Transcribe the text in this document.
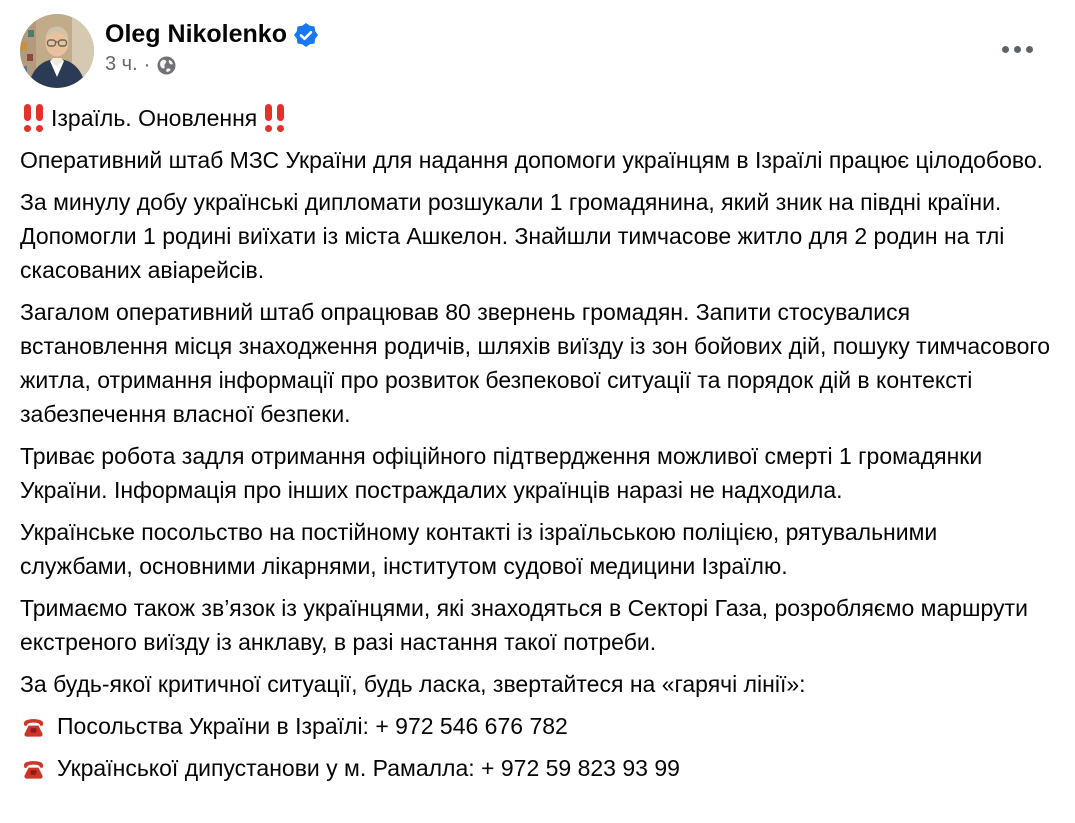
Oleg Nikolenko
3 ч. ·

Ізраїль. Оновлення

Оперативний штаб МЗС України для надання допомоги українцям в Ізраїлі працює цілодобово.

За минулу добу українські дипломати розшукали 1 громадянина, який зник на півдні країни. Допомогли 1 родині виїхати із міста Ашкелон. Знайшли тимчасове житло для 2 родин на тлі скасованих авіарейсів.

Загалом оперативний штаб опрацював 80 звернень громадян. Запити стосувалися встановлення місця знаходження родичів, шляхів виїзду із зон бойових дій, пошуку тимчасового житла, отримання інформації про розвиток безпекової ситуації та порядок дій в контексті забезпечення власної безпеки.

Триває робота задля отримання офіційного підтвердження можливої смерті 1 громадянки України. Інформація про інших постраждалих українців наразі не надходила.

Українське посольство на постійному контакті із ізраїльською поліцією, рятувальними службами, основними лікарнями, інститутом судової медицини Ізраїлю.

Тримаємо також зв’язок із українцями, які знаходяться в Секторі Газа, розробляємо маршрути екстреного виїзду із анклаву, в разі настання такої потреби.

За будь-якої критичної ситуації, будь ласка, звертайтеся на «гарячі лінії»:

Посольства України в Ізраїлі: + 972 546 676 782

Української дипустанови у м. Рамалла: + 972 59 823 93 99
